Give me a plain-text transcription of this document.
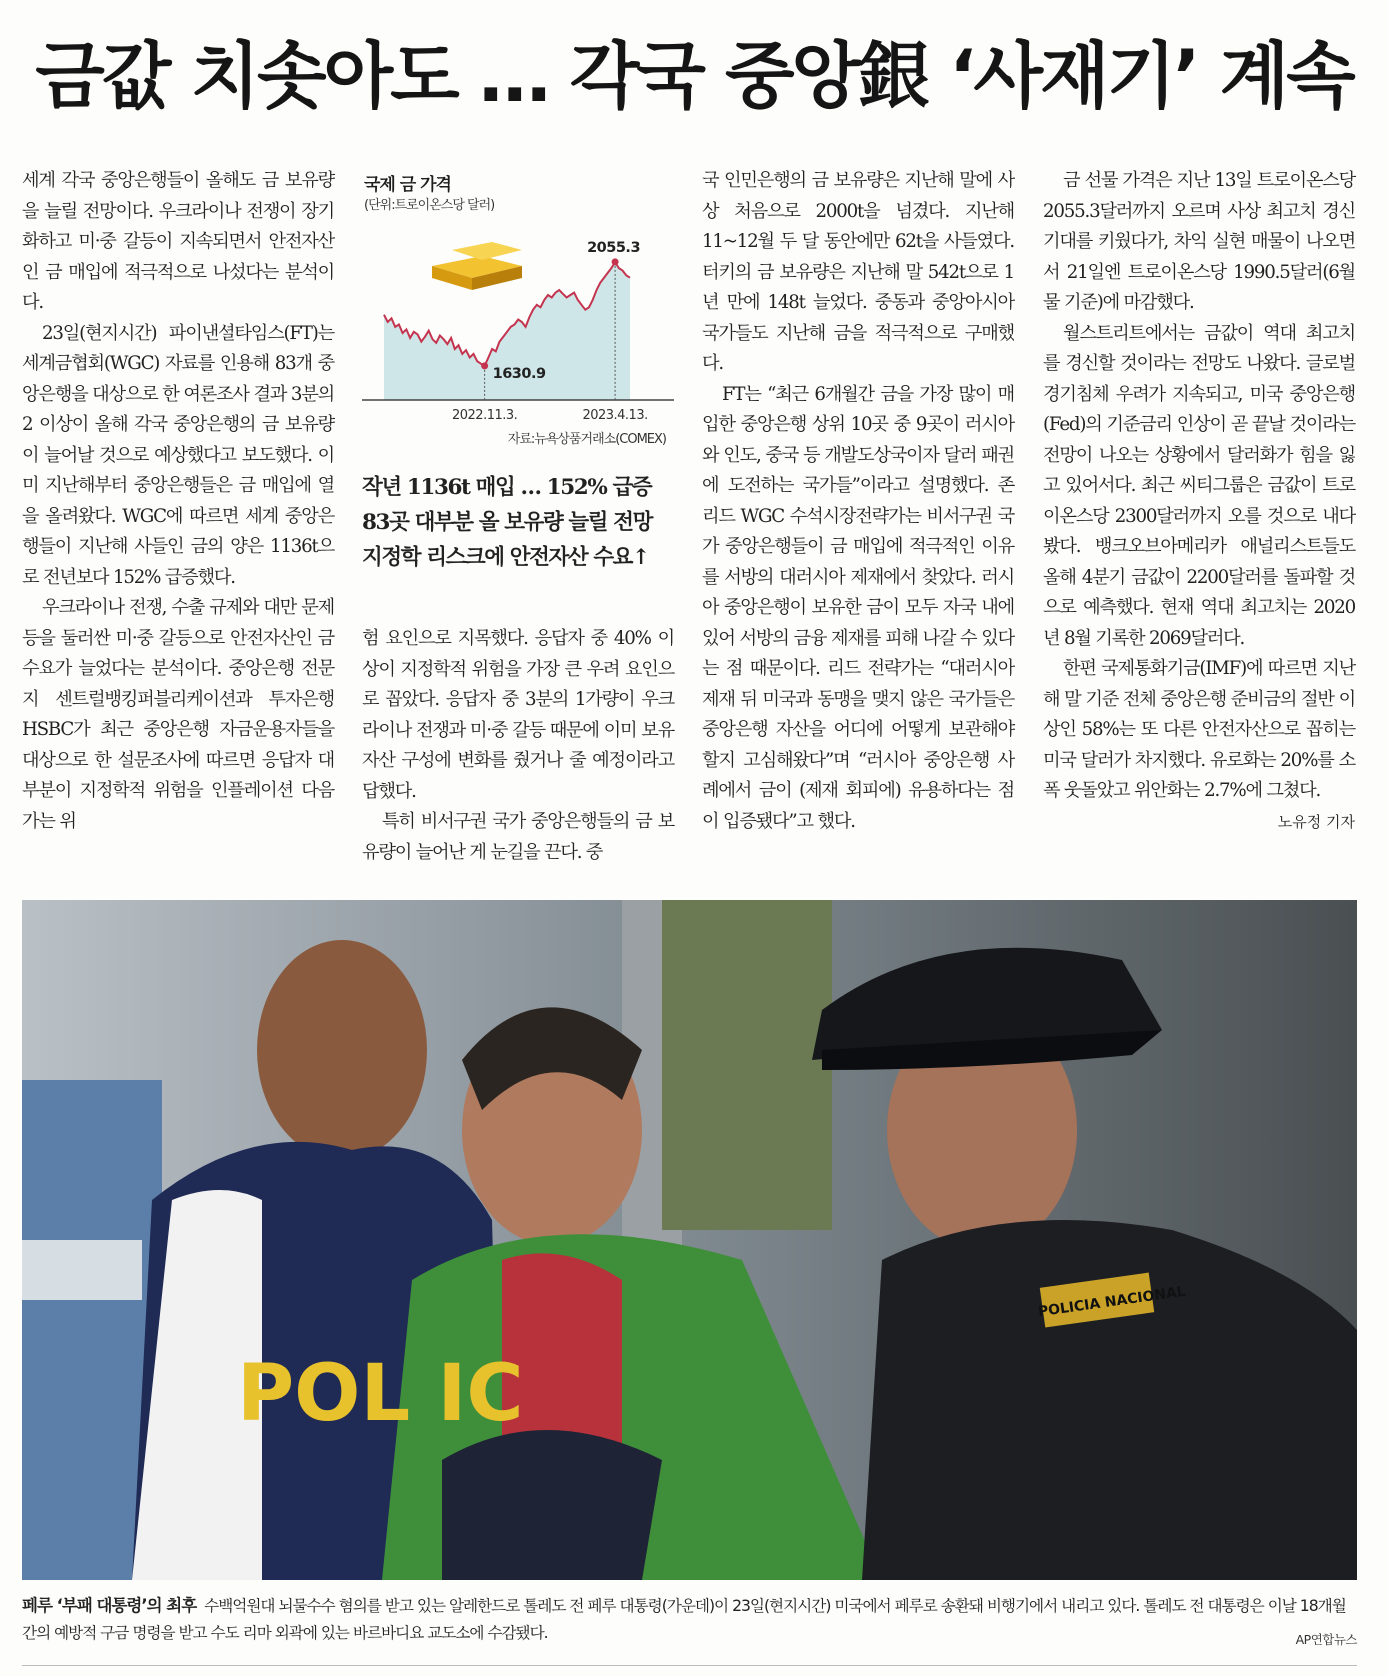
금값 치솟아도 … 각국 중앙銀 ‘사재기’ 계속

세계 각국 중앙은행들이 올해도 금 보유량을 늘릴 전망이다. 우크라이나 전쟁이 장기화하고 미·중 갈등이 지속되면서 안전자산인 금 매입에 적극적으로 나섰다는 분석이다.

23일(현지시간) 파이낸셜타임스(FT)는 세계금협회(WGC) 자료를 인용해 83개 중앙은행을 대상으로 한 여론조사 결과 3분의 2 이상이 올해 각국 중앙은행의 금 보유량이 늘어날 것으로 예상했다고 보도했다. 이미 지난해부터 중앙은행들은 금 매입에 열을 올려왔다. WGC에 따르면 세계 중앙은행들이 지난해 사들인 금의 양은 1136t으로 전년보다 152% 급증했다.

우크라이나 전쟁, 수출 규제와 대만 문제 등을 둘러싼 미·중 갈등으로 안전자산인 금 수요가 늘었다는 분석이다. 중앙은행 전문지 센트럴뱅킹퍼블리케이션과 투자은행 HSBC가 최근 중앙은행 자금운용자들을 대상으로 한 설문조사에 따르면 응답자 대부분이 지정학적 위험을 인플레이션 다음가는 위

1630.9
2055.3
2022.11.3.	2023.4.13.
국제 금 가격
(단위:트로이온스당 달러)
자료:뉴욕상품거래소(COMEX)
작년 1136t 매입 … 152% 급증
83곳 대부분 올 보유량 늘릴 전망
지정학 리스크에 안전자산 수요↑

험 요인으로 지목했다. 응답자 중 40% 이상이 지정학적 위험을 가장 큰 우려 요인으로 꼽았다. 응답자 중 3분의 1가량이 우크라이나 전쟁과 미·중 갈등 때문에 이미 보유 자산 구성에 변화를 줬거나 줄 예정이라고 답했다.

특히 비서구권 국가 중앙은행들의 금 보유량이 늘어난 게 눈길을 끈다. 중

국 인민은행의 금 보유량은 지난해 말에 사상 처음으로 2000t을 넘겼다. 지난해 11~12월 두 달 동안에만 62t을 사들였다. 터키의 금 보유량은 지난해 말 542t으로 1년 만에 148t 늘었다. 중동과 중앙아시아 국가들도 지난해 금을 적극적으로 구매했다.

FT는 “최근 6개월간 금을 가장 많이 매입한 중앙은행 상위 10곳 중 9곳이 러시아와 인도, 중국 등 개발도상국이자 달러 패권에 도전하는 국가들”이라고 설명했다. 존 리드 WGC 수석시장전략가는 비서구권 국가 중앙은행들이 금 매입에 적극적인 이유를 서방의 대러시아 제재에서 찾았다. 러시아 중앙은행이 보유한 금이 모두 자국 내에 있어 서방의 금융 제재를 피해 나갈 수 있다는 점 때문이다. 리드 전략가는 “대러시아 제재 뒤 미국과 동맹을 맺지 않은 국가들은 중앙은행 자산을 어디에 어떻게 보관해야 할지 고심해왔다”며 “러시아 중앙은행 사례에서 금이 (제재 회피에) 유용하다는 점이 입증됐다”고 했다.

금 선물 가격은 지난 13일 트로이온스당 2055.3달러까지 오르며 사상 최고치 경신 기대를 키웠다가, 차익 실현 매물이 나오면서 21일엔 트로이온스당 1990.5달러(6월물 기준)에 마감했다.

월스트리트에서는 금값이 역대 최고치를 경신할 것이라는 전망도 나왔다. 글로벌 경기침체 우려가 지속되고, 미국 중앙은행(Fed)의 기준금리 인상이 곧 끝날 것이라는 전망이 나오는 상황에서 달러화가 힘을 잃고 있어서다. 최근 씨티그룹은 금값이 트로이온스당 2300달러까지 오를 것으로 내다봤다. 뱅크오브아메리카 애널리스트들도 올해 4분기 금값이 2200달러를 돌파할 것으로 예측했다. 현재 역대 최고치는 2020년 8월 기록한 2069달러다.

한편 국제통화기금(IMF)에 따르면 지난해 말 기준 전체 중앙은행 준비금의 절반 이상인 58%는 또 다른 안전자산으로 꼽히는 미국 달러가 차지했다. 유로화는 20%를 소폭 웃돌았고 위안화는 2.7%에 그쳤다.
노유정 기자

POL IC
POLICIA NACIONAL
페루 ‘부패 대통령’의 최후 수백억원대 뇌물수수 혐의를 받고 있는 알레한드로 톨레도 전 페루 대통령(가운데)이 23일(현지시간) 미국에서 페루로 송환돼 비행기에서 내리고 있다. 톨레도 전 대통령은 이날 18개월간의 예방적 구금 명령을 받고 수도 리마 외곽에 있는 바르바디요 교도소에 수감됐다.	AP연합뉴스
